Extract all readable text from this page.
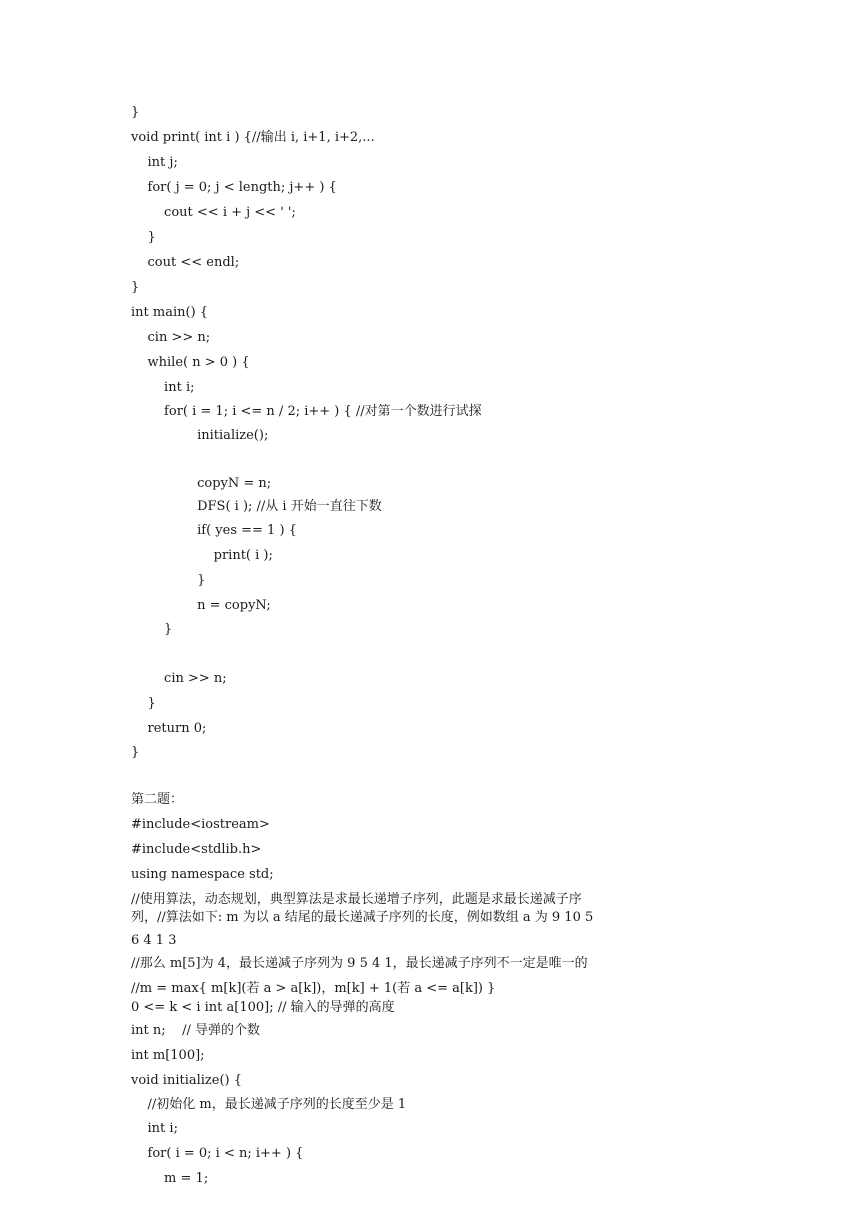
}
void print( int i ) {//输出 i, i+1, i+2,...
int j;
for( j = 0; j < length; j++ ) {
cout << i + j << ' ';
}
cout << endl;
}
int main() {
cin >> n;
while( n > 0 ) {
int i;
for( i = 1; i <= n / 2; i++ ) { //对第一个数进行试探
initialize();
copyN = n;
DFS( i ); //从 i 开始一直往下数
if( yes == 1 ) {
print( i );
}
n = copyN;
}
cin >> n;
}
return 0;
}
第二题：
#include<iostream>
#include<stdlib.h>
using namespace std;
//使用算法，动态规划，典型算法是求最长递增子序列，此题是求最长递减子序
列，//算法如下: m 为以 a 结尾的最长递减子序列的长度，例如数组 a 为 9 10 5
6 4 1 3
//那么 m[5]为 4，最长递减子序列为 9 5 4 1，最长递减子序列不一定是唯一的
//m = max{ m[k](若 a > a[k])，m[k] + 1(若 a <= a[k]) }
0 <= k < i int a[100]; // 输入的导弹的高度
int n;    // 导弹的个数
int m[100];
void initialize() {
//初始化 m，最长递减子序列的长度至少是 1
int i;
for( i = 0; i < n; i++ ) {
m = 1;
